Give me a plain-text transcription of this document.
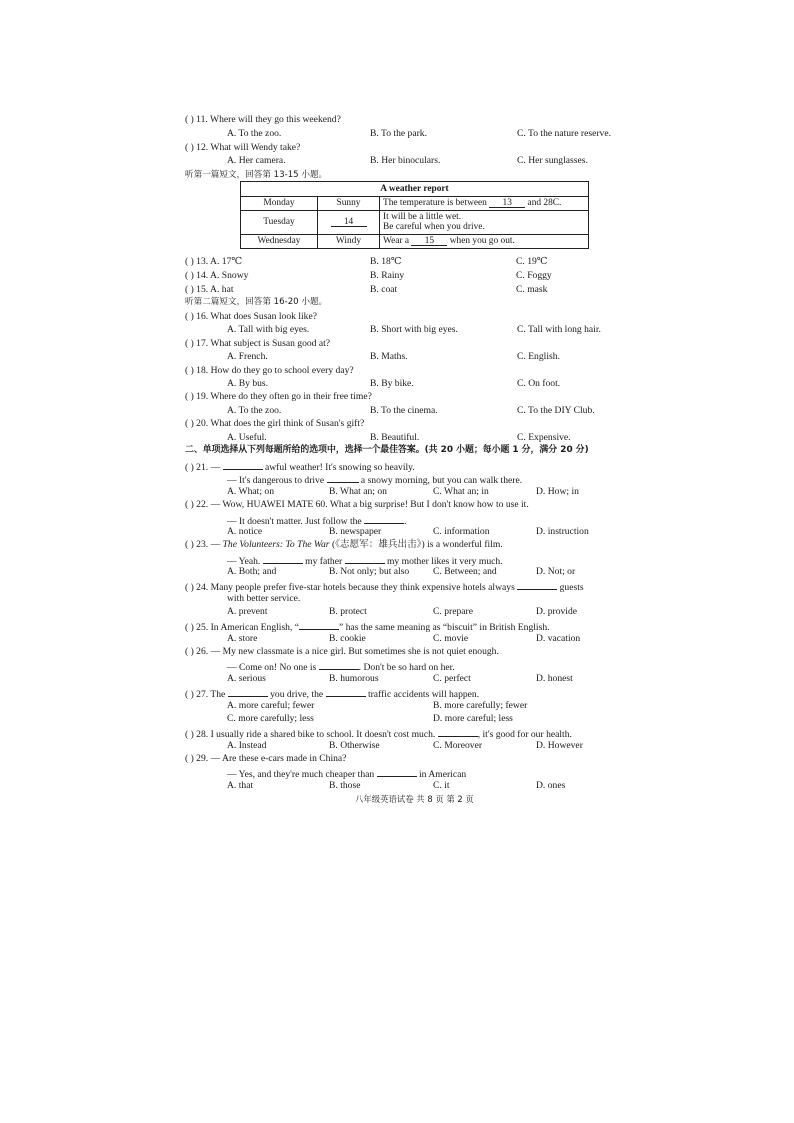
( ) 11. Where will they go this weekend?
A. To the zoo.	B. To the park.	C. To the nature reserve.
( ) 12. What will Wendy take?
A. Her camera.	B. Her binoculars.	C. Her sunglasses.
听第一篇短文，回答第 13-15 小题。
A weather report		
Monday	Sunny	The temperature is between 13 and 28C.
Tuesday	14	It will be a little wet.
Be careful when you drive.

Wednesday	Windy	Wear a 15 when you go out.
( ) 13. A. 17℃	B. 18℃	C. 19℃
( ) 14. A. Snowy	B. Rainy	C. Foggy
( ) 15. A. hat	B. coat	C. mask
听第二篇短文，回答第 16-20 小题。
( ) 16. What does Susan look like?
A. Tall with big eyes.	B. Short with big eyes.	C. Tall with long hair.
( ) 17. What subject is Susan good at?
A. French.	B. Maths.	C. English.
( ) 18. How do they go to school every day?
A. By bus.	B. By bike.	C. On foot.
( ) 19. Where do they often go in their free time?
A. To the zoo.	B. To the cinema.	C. To the DIY Club.
( ) 20. What does the girl think of Susan's gift?
A. Useful.	B. Beautiful.	C. Expensive.
二、单项选择从下列每题所给的选项中，选择一个最佳答案。(共 20 小题；每小题 1 分，满分 20 分)
( ) 21. —	awful weather! It's snowing so heavily.
— It's dangerous to drive	a snowy morning, but you can walk there.
A. What; on	B. What an; on	C. What an; in	D. How; in
( ) 22. — Wow, HUAWEI MATE 60. What a big surprise! But I don't know how to use it.
— It doesn't matter. Just follow the	.
A. notice	B. newspaper	C. information	D. instruction
( ) 23. — The Volunteers: To The War (《志愿军：雄兵出击》) is a wonderful film.
— Yeah.	my father	my mother likes it very much.
A. Both; and	B. Not only; but also C. Between; and	D. Not; or
( ) 24. Many people prefer five-star hotels because they think expensive hotels always	guests
with better service.
A. prevent	B. protect	C. prepare	D. provide
( ) 25. In American English, “	” has the same meaning as “biscuit” in British English.
A. store	B. cookie	C. movie	D. vacation
( ) 26. — My new classmate is a nice girl. But sometimes she is not quiet enough.
— Come on! No one is	. Don't be so hard on her.
A. serious	B. humorous	C. perfect	D. honest
( ) 27. The	you drive, the	traffic accidents will happen.
A. more careful; fewer	B. more carefully; fewer
C. more carefully; less	D. more careful; less
( ) 28. I usually ride a shared bike to school. It doesn't cost much.	, it's good for our health.
A. Instead	B. Otherwise	C. Moreover	D. However
( ) 29. — Are these e-cars made in China?
— Yes, and they're much cheaper than	in American
A. that	B. those	C. it	D. ones
八年级英语试卷 共 8 页 第 2 页
